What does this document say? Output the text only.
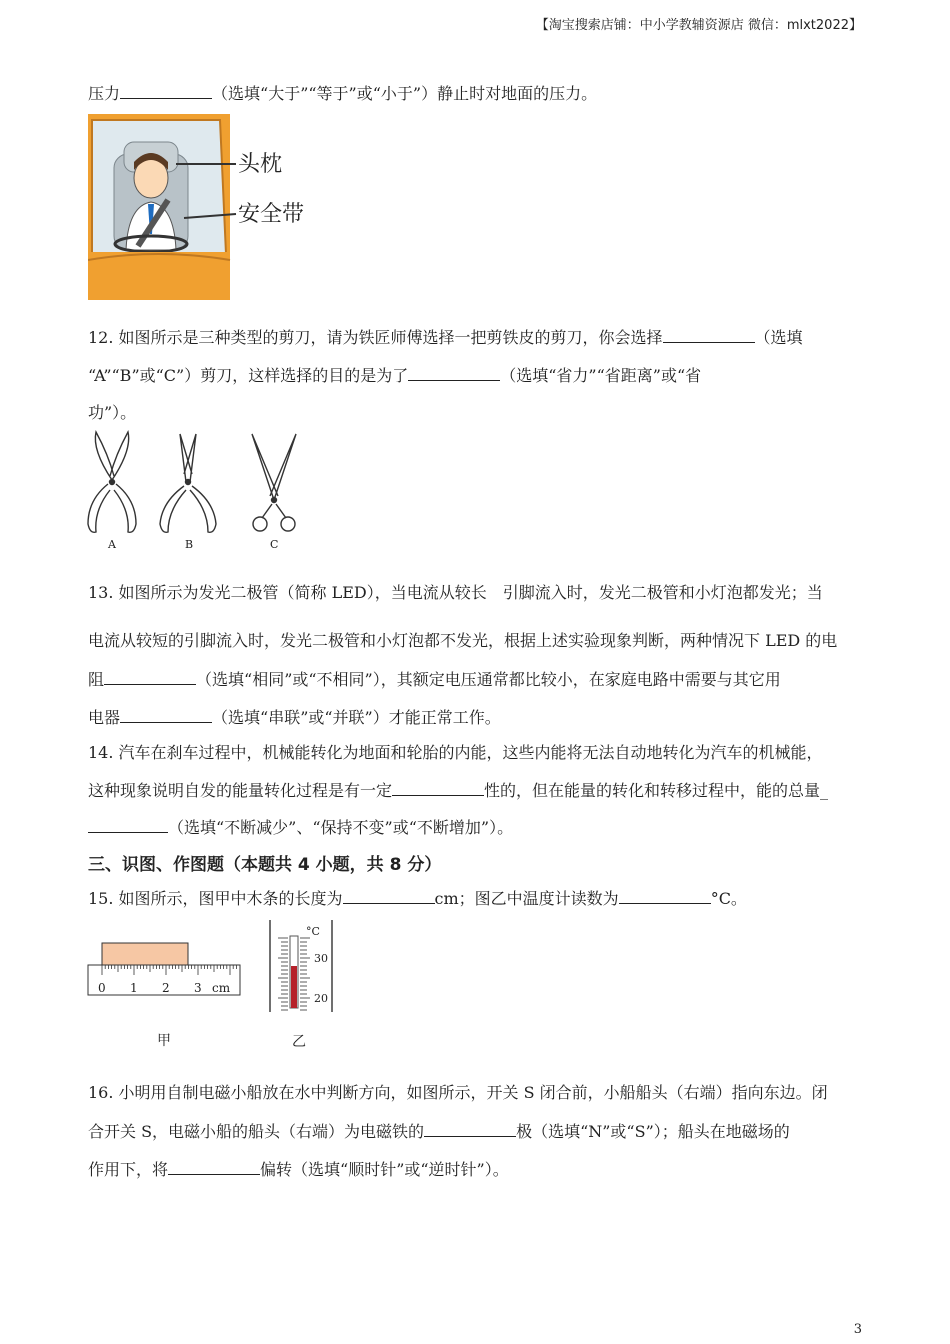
【淘宝搜索店铺：中小学教辅资源店 微信：mlxt2022】
压力	（选填“大于”“等于”或“小于”）静止时对地面的压力。
头枕
安全带
12. 如图所示是三种类型的剪刀，请为铁匠师傅选择一把剪铁皮的剪刀，你会选择	（选填
“A”“B”或“C”）剪刀，这样选择的目的是为了	（选填“省力”“省距离”或“省
功”）。
A	B	C
13. 如图所示为发光二极管（简称 LED），当电流从较长　引脚流入时，发光二极管和小灯泡都发光；当
电流从较短的引脚流入时，发光二极管和小灯泡都不发光，根据上述实验现象判断，两种情况下 LED 的电
阻	（选填“相同”或“不相同”），其额定电压通常都比较小，在家庭电路中需要与其它用
电器	（选填“串联”或“并联”）才能正常工作。
14. 汽车在刹车过程中，机械能转化为地面和轮胎的内能，这些内能将无法自动地转化为汽车的机械能，
这种现象说明自发的能量转化过程是有一定	性的，但在能量的转化和转移过程中，能的总量_
（选填“不断减少”、“保持不变”或“不断增加”）。
三、识图、作图题（本题共 4 小题，共 8 分）
15. 如图所示，图甲中木条的长度为	cm；图乙中温度计读数为	°C。
0 1 2 3 cm
°C
30
20
甲	乙
16. 小明用自制电磁小船放在水中判断方向，如图所示，开关 S 闭合前，小船船头（右端）指向东边。闭
合开关 S，电磁小船的船头（右端）为电磁铁的	极（选填“N”或“S”）；船头在地磁场的
作用下，将	偏转（选填“顺时针”或“逆时针”）。
3
